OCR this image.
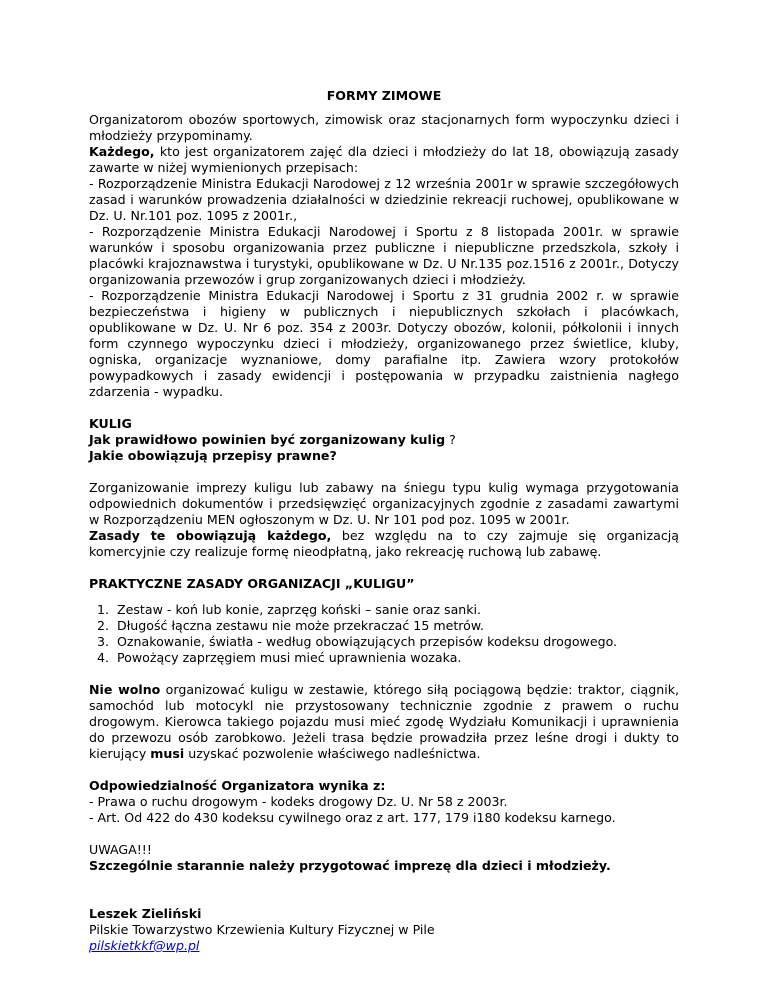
FORMY ZIMOWE

Organizatorom obozów sportowych, zimowisk oraz stacjonarnych form wypoczynku dzieci i młodzieży przypominamy.

Każdego, kto jest organizatorem zajęć dla dzieci i młodzieży do lat 18, obowiązują zasady zawarte w niżej wymienionych przepisach:

- Rozporządzenie Ministra Edukacji Narodowej z 12 września 2001r w sprawie szczegółowych zasad i warunków prowadzenia działalności w dziedzinie rekreacji ruchowej, opublikowane w Dz. U. Nr.101 poz. 1095 z 2001r.,

- Rozporządzenie Ministra Edukacji Narodowej i Sportu z 8 listopada 2001r. w sprawie warunków i sposobu organizowania przez publiczne i niepubliczne przedszkola, szkoły i placówki krajoznawstwa i turystyki, opublikowane w Dz. U Nr.135 poz.1516 z 2001r., Dotyczy organizowania przewozów i grup zorganizowanych dzieci i młodzieży.

- Rozporządzenie Ministra Edukacji Narodowej i Sportu z 31 grudnia 2002 r. w sprawie bezpieczeństwa i higieny w publicznych i niepublicznych szkołach i placówkach, opublikowane w Dz. U. Nr 6 poz. 354 z 2003r. Dotyczy obozów, kolonii, półkolonii i innych form czynnego wypoczynku dzieci i młodzieży, organizowanego przez świetlice, kluby, ogniska, organizacje wyznaniowe, domy parafialne itp. Zawiera wzory protokołów powypadkowych i zasady ewidencji i postępowania w przypadku zaistnienia nagłego zdarzenia - wypadku.

KULIG

Jak prawidłowo powinien być zorganizowany kulig ?

Jakie obowiązują przepisy prawne?

Zorganizowanie imprezy kuligu lub zabawy na śniegu typu kulig wymaga przygotowania odpowiednich dokumentów i przedsięwzięć organizacyjnych zgodnie z zasadami zawartymi w Rozporządzeniu MEN ogłoszonym w Dz. U. Nr 101 pod poz. 1095 w 2001r.

Zasady te obowiązują każdego, bez względu na to czy zajmuje się organizacją komercyjnie czy realizuje formę nieodpłatną, jako rekreację ruchową lub zabawę.

PRAKTYCZNE ZASADY ORGANIZACJI „KULIGU”

1. Zestaw - koń lub konie, zaprzęg koński – sanie oraz sanki.
2. Długość łączna zestawu nie może przekraczać 15 metrów.
3. Oznakowanie, światła - według obowiązujących przepisów kodeksu drogowego.
4. Powożący zaprzęgiem musi mieć uprawnienia wozaka.

Nie wolno organizować kuligu w zestawie, którego siłą pociągową będzie: traktor, ciągnik, samochód lub motocykl nie przystosowany technicznie zgodnie z prawem o ruchu drogowym. Kierowca takiego pojazdu musi mieć zgodę Wydziału Komunikacji i uprawnienia do przewozu osób zarobkowo. Jeżeli trasa będzie prowadziła przez leśne drogi i dukty to kierujący musi uzyskać pozwolenie właściwego nadleśnictwa.

Odpowiedzialność Organizatora wynika z:

- Prawa o ruchu drogowym - kodeks drogowy Dz. U. Nr 58 z 2003r.

- Art. Od 422 do 430 kodeksu cywilnego oraz z art. 177, 179 i180 kodeksu karnego.

UWAGA!!!

Szczególnie starannie należy przygotować imprezę dla dzieci i młodzieży.

Leszek Zieliński

Pilskie Towarzystwo Krzewienia Kultury Fizycznej w Pile

pilskietkkf@wp.pl
